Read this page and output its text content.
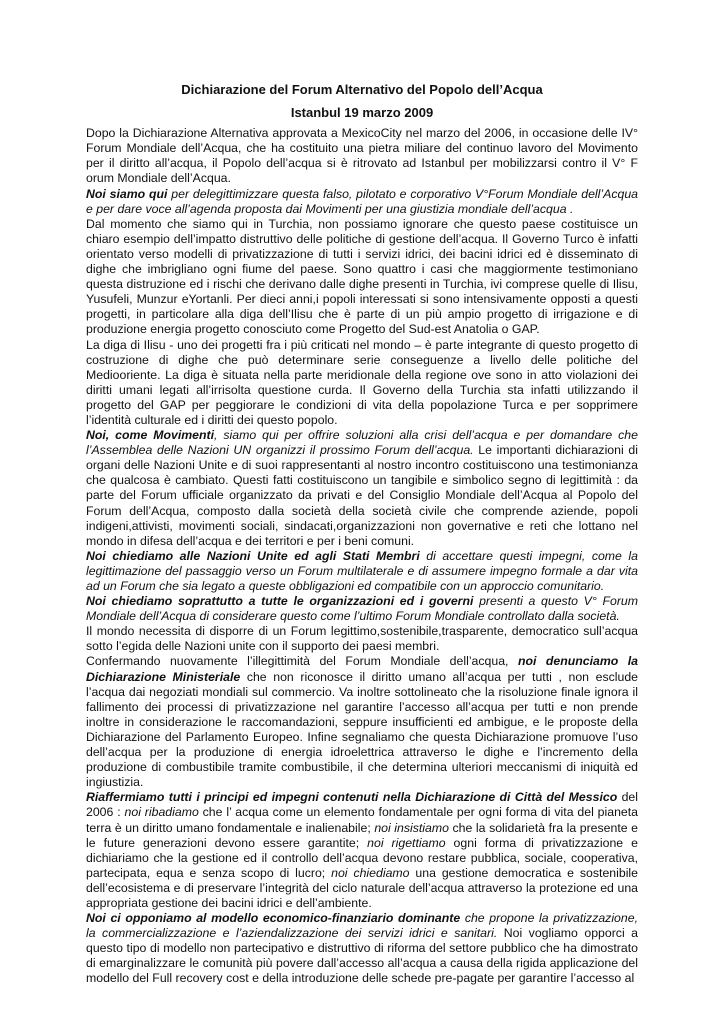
Dichiarazione del Forum Alternativo del Popolo dell’Acqua

Istanbul 19 marzo 2009

Dopo la Dichiarazione Alternativa approvata a MexicoCity nel marzo del 2006, in occasione delle IV° Forum Mondiale dell’Acqua, che ha costituito una pietra miliare del continuo lavoro del Movimento per il diritto all’acqua, il Popolo dell’acqua si è ritrovato ad Istanbul per mobilizzarsi contro il V° F orum Mondiale dell’Acqua.

Noi siamo qui per delegittimizzare questa falso, pilotato e corporativo V°Forum Mondiale dell’Acqua e per dare voce all’agenda proposta dai Movimenti per una giustizia mondiale dell’acqua .

Dal momento che siamo qui in Turchia, non possiamo ignorare che questo paese costituisce un chiaro esempio dell’impatto distruttivo delle politiche di gestione dell’acqua. Il Governo Turco è infatti orientato verso modelli di privatizzazione di tutti i servizi idrici, dei bacini idrici ed è disseminato di dighe che imbrigliano ogni fiume del paese. Sono quattro i casi che maggiormente testimoniano questa distruzione ed i rischi che derivano dalle dighe presenti in Turchia, ivi comprese quelle di Ilisu, Yusufeli, Munzur eYortanli. Per dieci anni,i popoli interessati si sono intensivamente opposti a questi progetti, in particolare alla diga dell’Ilisu che è parte di un più ampio progetto di irrigazione e di produzione energia progetto conosciuto come Progetto del Sud-est Anatolia o GAP.

La diga di Ilisu - uno dei progetti fra i più criticati nel mondo – è parte integrante di questo progetto di costruzione di dighe che può determinare serie conseguenze a livello delle politiche del Mediooriente. La diga è situata nella parte meridionale della regione ove sono in atto violazioni dei diritti umani legati all’irrisolta questione curda. Il Governo della Turchia sta infatti utilizzando il progetto del GAP per peggiorare le condizioni di vita della popolazione Turca e per sopprimere l’identità culturale ed i diritti dei questo popolo.

Noi, come Movimenti, siamo qui per offrire soluzioni alla crisi dell’acqua e per domandare che l’Assemblea delle Nazioni UN organizzi il prossimo Forum dell’acqua. Le importanti dichiarazioni di organi delle Nazioni Unite e di suoi rappresentanti al nostro incontro costituiscono una testimonianza che qualcosa è cambiato. Questi fatti costituiscono un tangibile e simbolico segno di legittimità : da parte del Forum ufficiale organizzato da privati e del Consiglio Mondiale dell’Acqua al Popolo del Forum dell’Acqua, composto dalla società della società civile che comprende aziende, popoli indigeni,attivisti, movimenti sociali, sindacati,organizzazioni non governative e reti che lottano nel mondo in difesa dell’acqua e dei territori e per i beni comuni.

Noi chiediamo alle Nazioni Unite ed agli Stati Membri di accettare questi impegni, come la legittimazione del passaggio verso un Forum multilaterale e di assumere impegno formale a dar vita ad un Forum che sia legato a queste obbligazioni ed compatibile con un approccio comunitario.

Noi chiediamo soprattutto a tutte le organizzazioni ed i governi presenti a questo V° Forum Mondiale dell’Acqua di considerare questo come l’ultimo Forum Mondiale controllato dalla società.

Il mondo necessita di disporre di un Forum legittimo,sostenibile,trasparente, democratico sull’acqua sotto l’egida delle Nazioni unite con il supporto dei paesi membri.

Confermando nuovamente l’illegittimità del Forum Mondiale dell’acqua, noi denunciamo la Dichiarazione Ministeriale che non riconosce il diritto umano all’acqua per tutti , non esclude l’acqua dai negoziati mondiali sul commercio. Va inoltre sottolineato che la risoluzione finale ignora il fallimento dei processi di privatizzazione nel garantire l’accesso all’acqua per tutti e non prende inoltre in considerazione le raccomandazioni, seppure insufficienti ed ambigue, e le proposte della Dichiarazione del Parlamento Europeo. Infine segnaliamo che questa Dichiarazione promuove l’uso dell’acqua per la produzione di energia idroelettrica attraverso le dighe e l’incremento della produzione di combustibile tramite combustibile, il che determina ulteriori meccanismi di iniquità ed ingiustizia.

Riaffermiamo tutti i principi ed impegni contenuti nella Dichiarazione di Città del Messico del 2006 : noi ribadiamo che l’ acqua come un elemento fondamentale per ogni forma di vita del pianeta terra è un diritto umano fondamentale e inalienabile; noi insistiamo che la solidarietà fra la presente e le future generazioni devono essere garantite; noi rigettiamo ogni forma di privatizzazione e dichiariamo che la gestione ed il controllo dell’acqua devono restare pubblica, sociale, cooperativa, partecipata, equa e senza scopo di lucro; noi chiediamo una gestione democratica e sostenibile dell’ecosistema e di preservare l’integrità del ciclo naturale dell’acqua attraverso la protezione ed una appropriata gestione dei bacini idrici e dell’ambiente.

Noi ci opponiamo al modello economico-finanziario dominante che propone la privatizzazione, la commercializzazione e l’aziendalizzazione dei servizi idrici e sanitari. Noi vogliamo opporci a questo tipo di modello non partecipativo e distruttivo di riforma del settore pubblico che ha dimostrato di emarginalizzare le comunità più povere dall’accesso all’acqua a causa della rigida applicazione del modello del Full recovery cost e della introduzione delle schede pre-pagate per garantire l’accesso al
